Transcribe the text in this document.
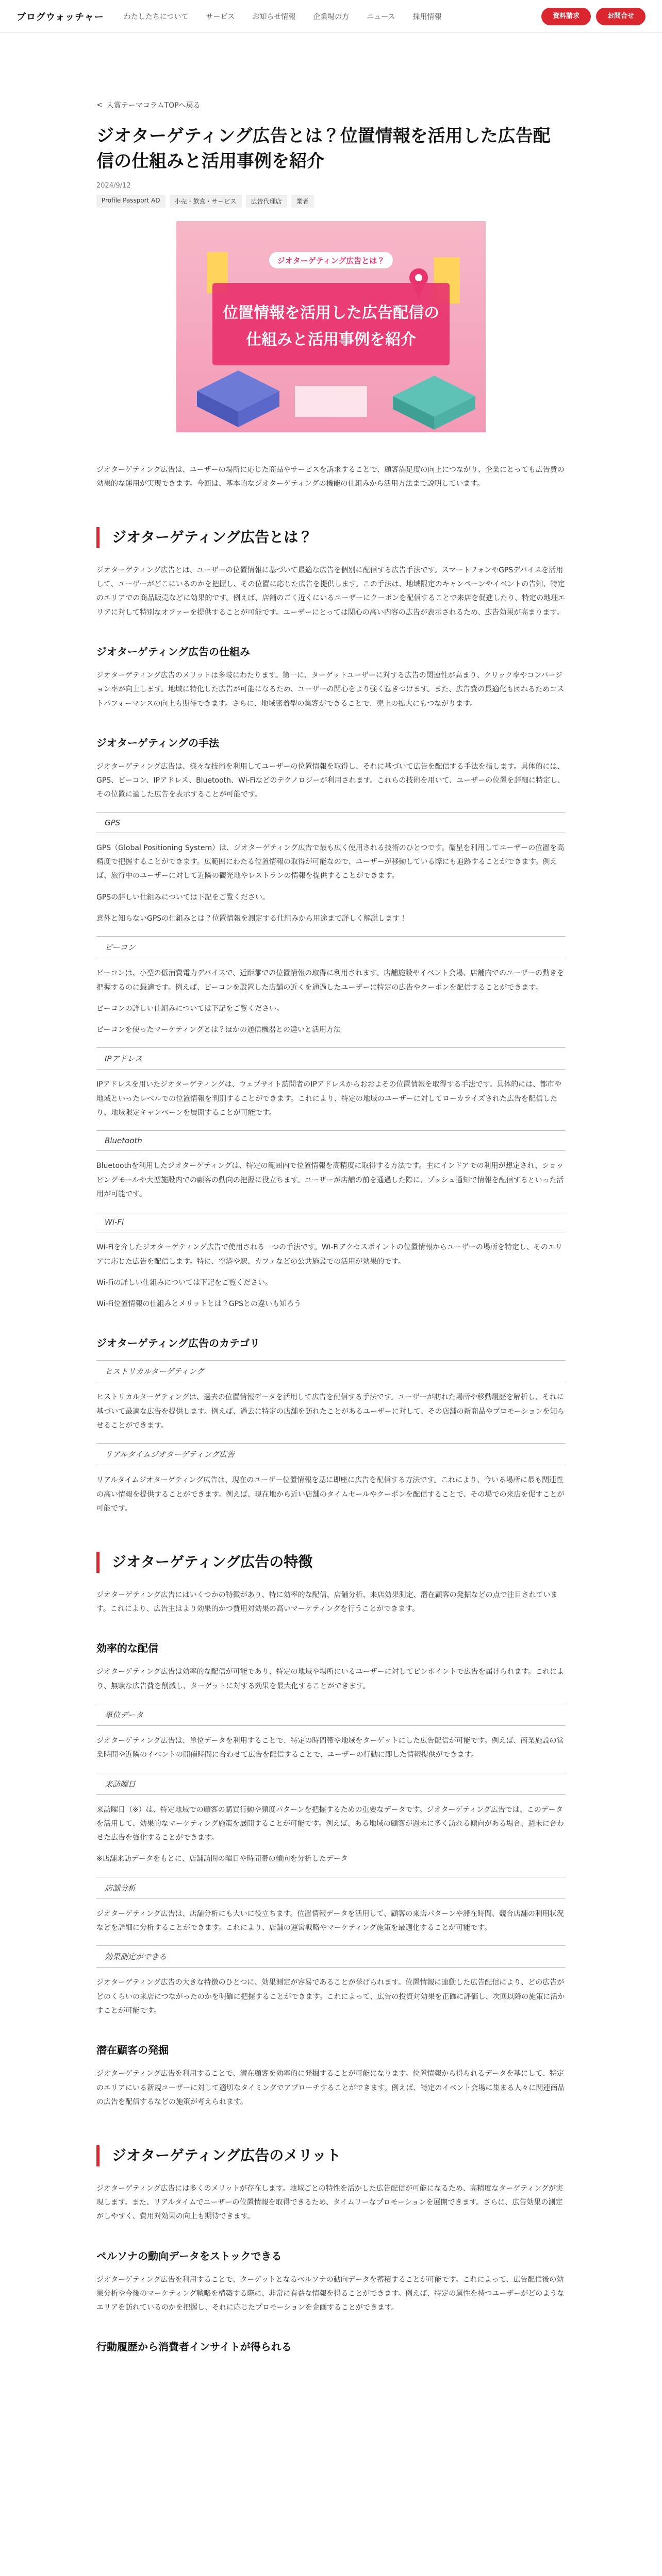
ブログウォッチャー	わたしたちについて サービス お知らせ情報 企業場の方 ニュース 採用情報	資料請求	お問合せ
< 入賞テーマコラムTOPへ戻る
ジオターゲティング広告とは？位置情報を活用した広告配信の仕組みと活用事例を紹介
2024/9/12
Profile Passport AD	小売・飲食・サービス	広告代理店	業者
ジオターゲティング広告とは？
位置情報を活用した広告配信の
仕組みと活用事例を紹介

ジオターゲティング広告は、ユーザーの場所に応じた商品やサービスを訴求することで、顧客満足度の向上につながり、企業にとっても広告費の効果的な運用が実現できます。今回は、基本的なジオターゲティングの機能の仕組みから活用方法まで説明しています。

ジオターゲティング広告とは？

ジオターゲティング広告とは、ユーザーの位置情報に基づいて最適な広告を個別に配信する広告手法です。スマートフォンやGPSデバイスを活用して、ユーザーがどこにいるのかを把握し、その位置に応じた広告を提供します。この手法は、地域限定のキャンペーンやイベントの告知、特定のエリアでの商品販売などに効果的です。例えば、店舗のごく近くにいるユーザーにクーポンを配信することで来店を促進したり、特定の地理エリアに対して特別なオファーを提供することが可能です。ユーザーにとっては関心の高い内容の広告が表示されるため、広告効果が高まります。

ジオターゲティング広告の仕組み

ジオターゲティング広告のメリットは多岐にわたります。第一に、ターゲットユーザーに対する広告の関連性が高まり、クリック率やコンバージョン率が向上します。地域に特化した広告が可能になるため、ユーザーの関心をより強く惹きつけます。また、広告費の最適化も図れるためコストパフォーマンスの向上も期待できます。さらに、地域密着型の集客ができることで、売上の拡大にもつながります。

ジオターゲティングの手法

ジオターゲティング広告は、様々な技術を利用してユーザーの位置情報を取得し、それに基づいて広告を配信する手法を指します。具体的には、GPS、ビーコン、IPアドレス、Bluetooth、Wi-Fiなどのテクノロジーが利用されます。これらの技術を用いて、ユーザーの位置を詳細に特定し、その位置に適した広告を表示することが可能です。

GPS

GPS（Global Positioning System）は、ジオターゲティング広告で最も広く使用される技術のひとつです。衛星を利用してユーザーの位置を高精度で把握することができます。広範囲にわたる位置情報の取得が可能なので、ユーザーが移動している際にも追跡することができます。例えば、旅行中のユーザーに対して近隣の観光地やレストランの情報を提供することができます。

GPSの詳しい仕組みについては下記をご覧ください。

意外と知らないGPSの仕組みとは？位置情報を測定する仕組みから用途まで詳しく解説します！

ビーコン

ビーコンは、小型の低消費電力デバイスで、近距離での位置情報の取得に利用されます。店舗施設やイベント会場、店舗内でのユーザーの動きを把握するのに最適です。例えば、ビーコンを設置した店舗の近くを通過したユーザーに特定の広告やクーポンを配信することができます。

ビーコンの詳しい仕組みについては下記をご覧ください。

ビーコンを使ったマーケティングとは？ほかの通信機器との違いと活用方法

IPアドレス

IPアドレスを用いたジオターゲティングは、ウェブサイト訪問者のIPアドレスからおおよその位置情報を取得する手法です。具体的には、都市や地域といったレベルでの位置情報を判別することができます。これにより、特定の地域のユーザーに対してローカライズされた広告を配信したり、地域限定キャンペーンを展開することが可能です。

Bluetooth

Bluetoothを利用したジオターゲティングは、特定の範囲内で位置情報を高精度に取得する方法です。主にインドアでの利用が想定され、ショッピングモールや大型施設内での顧客の動向の把握に役立ちます。ユーザーが店舗の前を通過した際に、プッシュ通知で情報を配信するといった活用が可能です。

Wi-Fi

Wi-Fiを介したジオターゲティング広告で使用される一つの手法です。Wi-Fiアクセスポイントの位置情報からユーザーの場所を特定し、そのエリアに応じた広告を配信します。特に、空港や駅、カフェなどの公共施設での活用が効果的です。

Wi-Fiの詳しい仕組みについては下記をご覧ください。

Wi-Fi位置情報の仕組みとメリットとは？GPSとの違いも知ろう

ジオターゲティング広告のカテゴリ
ヒストリカルターゲティング

ヒストリカルターゲティングは、過去の位置情報データを活用して広告を配信する手法です。ユーザーが訪れた場所や移動履歴を解析し、それに基づいて最適な広告を提供します。例えば、過去に特定の店舗を訪れたことがあるユーザーに対して、その店舗の新商品やプロモーションを知らせることができます。

リアルタイムジオターゲティング広告

リアルタイムジオターゲティング広告は、現在のユーザー位置情報を基に即座に広告を配信する方法です。これにより、今いる場所に最も関連性の高い情報を提供することができます。例えば、現在地から近い店舗のタイムセールやクーポンを配信することで、その場での来店を促すことが可能です。

ジオターゲティング広告の特徴

ジオターゲティング広告にはいくつかの特徴があり、特に効率的な配信、店舗分析、来店効果測定、潜在顧客の発掘などの点で注目されています。これにより、広告主はより効果的かつ費用対効果の高いマーケティングを行うことができます。

効率的な配信

ジオターゲティング広告は効率的な配信が可能であり、特定の地域や場所にいるユーザーに対してピンポイントで広告を届けられます。これにより、無駄な広告費を削減し、ターゲットに対する効果を最大化することができます。

単位データ

ジオターゲティング広告は、単位データを利用することで、特定の時間帯や地域をターゲットにした広告配信が可能です。例えば、商業施設の営業時間や近隣のイベントの開催時間に合わせて広告を配信することで、ユーザーの行動に即した情報提供ができます。

来訪曜日

来訪曜日（※）は、特定地域での顧客の購買行動や頻度パターンを把握するための重要なデータです。ジオターゲティング広告では、このデータを活用して、効果的なマーケティング施策を展開することが可能です。例えば、ある地域の顧客が週末に多く訪れる傾向がある場合、週末に合わせた広告を強化することができます。

※店舗来訪データをもとに、店舗訪問の曜日や時間帯の傾向を分析したデータ

店舗分析

ジオターゲティング広告は、店舗分析にも大いに役立ちます。位置情報データを活用して、顧客の来店パターンや滞在時間、競合店舗の利用状況などを詳細に分析することができます。これにより、店舗の運営戦略やマーケティング施策を最適化することが可能です。

効果測定ができる

ジオターゲティング広告の大きな特徴のひとつに、効果測定が容易であることが挙げられます。位置情報に連動した広告配信により、どの広告がどのくらいの来店につながったのかを明確に把握することができます。これによって、広告の投資対効果を正確に評価し、次回以降の施策に活かすことが可能です。

潜在顧客の発掘

ジオターゲティング広告を利用することで、潜在顧客を効率的に発掘することが可能になります。位置情報から得られるデータを基にして、特定のエリアにいる新規ユーザーに対して適切なタイミングでアプローチすることができます。例えば、特定のイベント会場に集まる人々に関連商品の広告を配信するなどの施策が考えられます。

ジオターゲティング広告のメリット

ジオターゲティング広告には多くのメリットが存在します。地域ごとの特性を活かした広告配信が可能になるため、高精度なターゲティングが実現します。また、リアルタイムでユーザーの位置情報を取得できるため、タイムリーなプロモーションを展開できます。さらに、広告効果の測定がしやすく、費用対効果の向上も期待できます。

ペルソナの動向データをストックできる

ジオターゲティング広告を利用することで、ターゲットとなるペルソナの動向データを蓄積することが可能です。これによって、広告配信後の効果分析や今後のマーケティング戦略を構築する際に、非常に有益な情報を得ることができます。例えば、特定の属性を持つユーザーがどのようなエリアを訪れているのかを把握し、それに応じたプロモーションを企画することができます。

行動履歴から消費者インサイトが得られる
